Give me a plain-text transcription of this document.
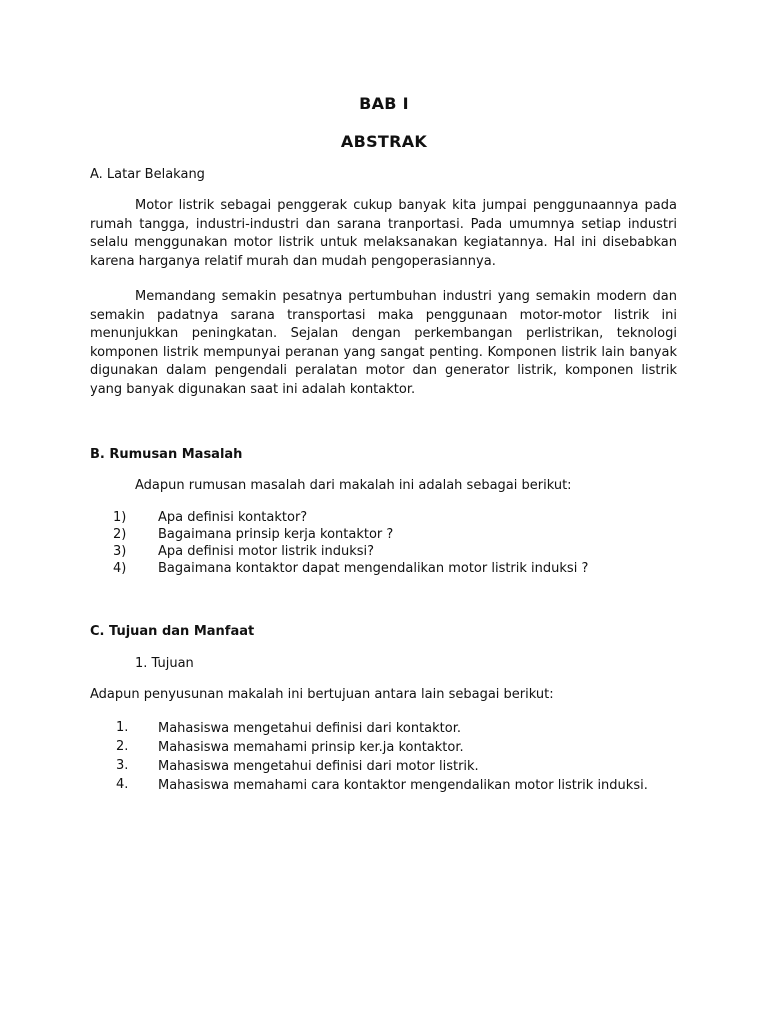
BAB I
ABSTRAK
A. Latar Belakang

Motor listrik sebagai penggerak cukup banyak kita jumpai penggunaannya pada rumah tangga, industri-industri dan sarana tranportasi. Pada umumnya setiap industri selalu menggunakan motor listrik untuk melaksanakan kegiatannya. Hal ini disebabkan karena harganya relatif murah dan mudah pengoperasiannya.

Memandang semakin pesatnya pertumbuhan industri yang semakin modern dan semakin padatnya sarana transportasi maka penggunaan motor-motor listrik ini menunjukkan peningkatan. Sejalan dengan perkembangan perlistrikan, teknologi komponen listrik mempunyai peranan yang sangat penting. Komponen listrik lain banyak digunakan dalam pengendali peralatan motor dan generator listrik, komponen listrik yang banyak digunakan saat ini adalah kontaktor.

B. Rumusan Masalah
Adapun rumusan masalah dari makalah ini adalah sebagai berikut:
1)	Apa definisi kontaktor?
2)	Bagaimana prinsip kerja kontaktor ?
3)	Apa definisi motor listrik induksi?
4)	Bagaimana kontaktor dapat mengendalikan motor listrik induksi ?
C. Tujuan dan Manfaat
1. Tujuan
Adapun penyusunan makalah ini bertujuan antara lain sebagai berikut:
1.	Mahasiswa mengetahui definisi dari kontaktor.
2.	Mahasiswa memahami prinsip ker.ja kontaktor.
3.	Mahasiswa mengetahui definisi dari motor listrik.
4.	Mahasiswa memahami cara kontaktor mengendalikan motor listrik induksi.
